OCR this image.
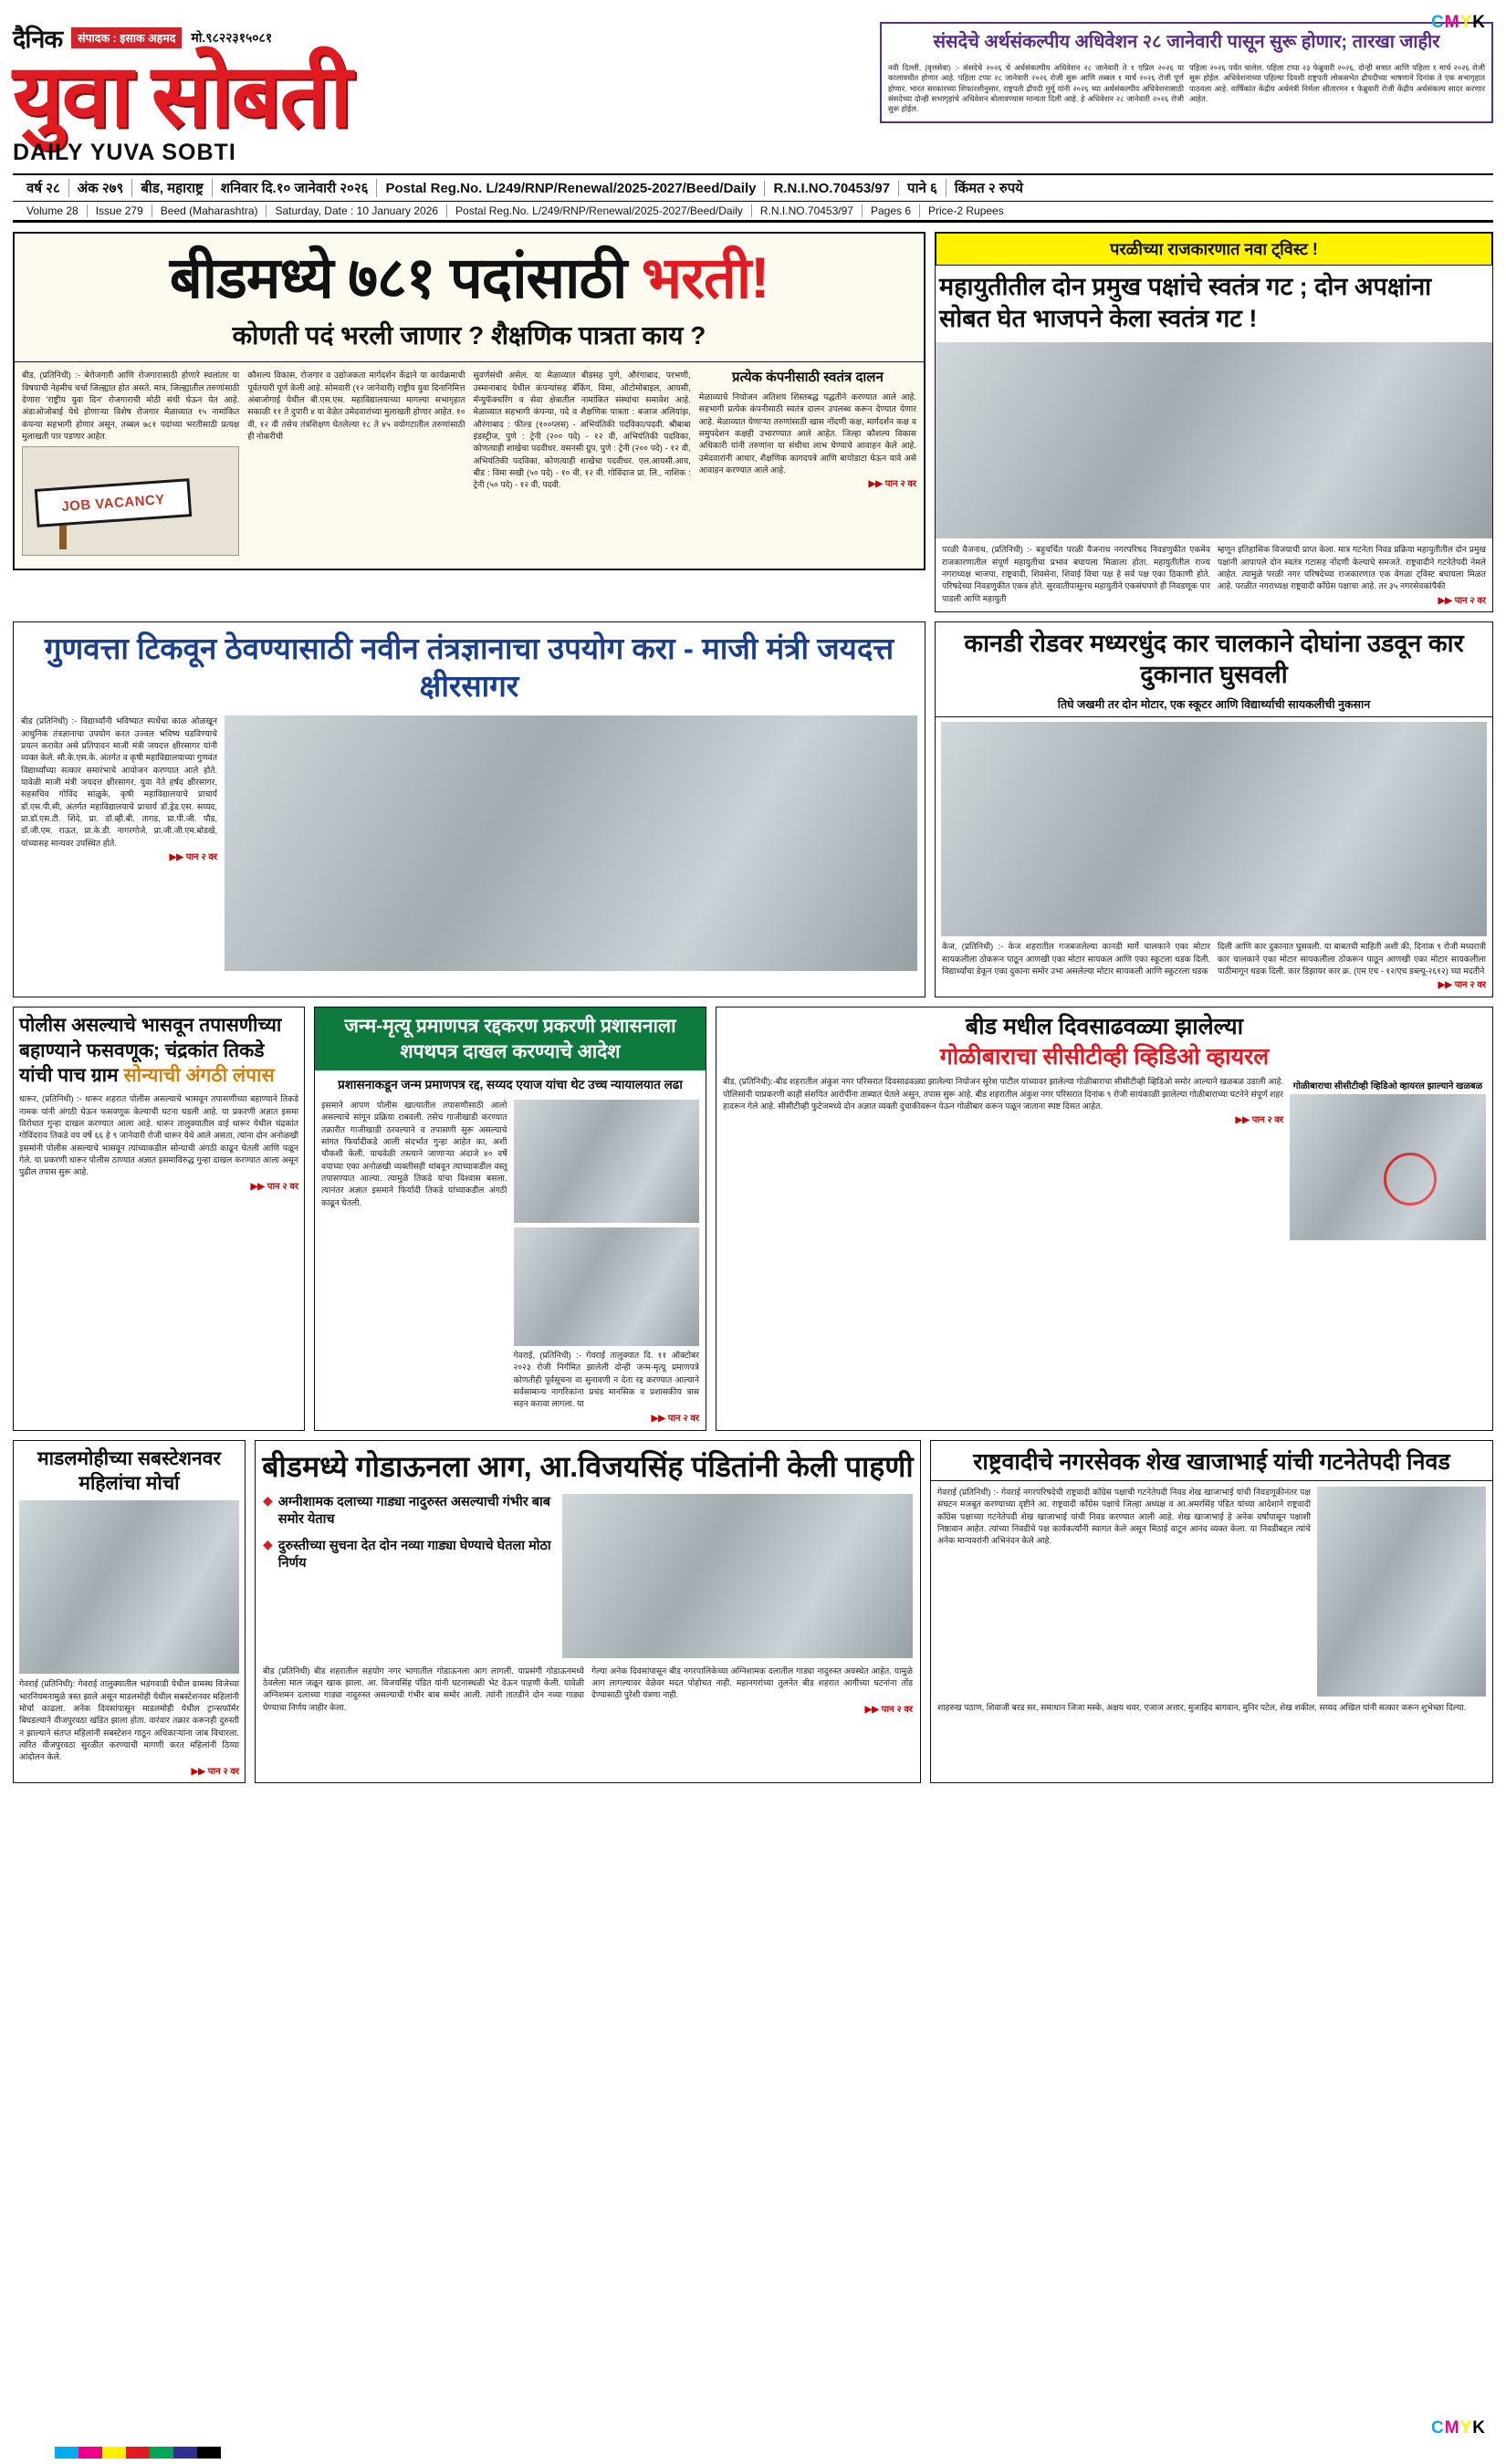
CMYK
दैनिक	संपादक : इसाक अहमद	मो.९८२२३१५०८१
युवा सोबती
DAILY YUVA SOBTI
संसदेचे अर्थसंकल्पीय अधिवेशन २८ जानेवारी पासून सुरू होणार; तारखा जाहीर
नवी दिल्ली, (वृत्तसेवा) :- संसदेचे २०२६ चे अर्थसंकल्पीय अधिवेशन २८ जानेवारी ते १ एप्रिल २०२६ या कालावधीत होणार आहे. पहिला टप्पा २८ जानेवारी २०२६ रोजी सुरू आणि तब्बल १ मार्च २०२६ रोजी पूर्ण होणार. भारत सरकारच्या शिफारशीनुसार, राष्ट्रपती द्रौपदी मुर्मू यांनी २०२६ च्या अर्थसंकल्पीय अधिवेशनासाठी संसदेच्या दोन्ही सभागृहांचे अधिवेशन बोलावण्यास मान्यता दिली आहे. हे अधिवेशन २८ जानेवारी २०२६ रोजी सुरू होईल.
पहिला २०२६ पर्यंत चालेल. पहिला टप्पा २३ फेब्रुवारी २०२६, दोन्ही सत्रात आणि पहिला १ मार्च २०२६ रोजी सुरू होईल. अधिवेशनाच्या पहिल्या दिवशी राष्ट्रपती लोकसभेत द्रौपदीच्या भाषणाने दिनांक ते एक सभागृहात पाठवला आहे. वार्षिकांत केंद्रीय अर्थमंत्री निर्मला सीतारमन १ फेब्रुवारी रोजी केंद्रीय अर्थसंकल्प सादर करणार आहेत.
वर्ष २८	अंक २७९	बीड, महाराष्ट्र	शनिवार दि.१० जानेवारी २०२६	Postal Reg.No. L/249/RNP/Renewal/2025-2027/Beed/Daily	R.N.I.NO.70453/97	पाने ६	किंमत २ रुपये
Volume 28	Issue 279	Beed (Maharashtra)	Saturday, Date : 10 January 2026	Postal Reg.No. L/249/RNP/Renewal/2025-2027/Beed/Daily	R.N.I.NO.70453/97	Pages 6	Price-2 Rupees
बीडमध्ये ७८१ पदांसाठी भरती!
कोणती पदं भरली जाणार ? शैक्षणिक पात्रता काय ?
बीड, (प्रतिनिधी) :- बेरोजगारी आणि रोजगारासाठी होणारे स्थलांतर या विषयाची नेहमीच चर्चा जिल्ह्यात होत असते. मात्र, जिल्ह्यातील तरुणांसाठी देणारा 'राष्ट्रीय युवा दिन' रोजगाराची मोठी संधी घेऊन येत आहे. अंडाओजोबाई येथे होणाऱ्या विशेष रोजगार मेळाव्यात १५ नामांकित कंपन्या सहभागी होणार असून, तब्बल ७८१ पदांच्या भरतीसाठी प्रत्यक्ष मुलाखती पार पडणार आहेत.
JOB VACANCY
कौशल्य विकास, रोजगार व उद्योजकता मार्गदर्शन केंद्राने या कार्यक्रमाची पूर्वतयारी पूर्ण केली आहे. सोमवारी (१२ जानेवारी) राष्ट्रीय युवा दिनानिमित्त अंबाजोगाई येथील बी.एस.एस. महाविद्यालयाच्या मागल्या सभागृहात सकाळी ११ ते दुपारी ४ या वेळेत उमेदवारांच्या मुलाखती होणार आहेत. १० वी, १२ वी तसेच तंत्रशिक्षण घेतलेल्या १८ ते ४५ वयोगटातील तरुणांसाठी ही नोकरीची
सुवर्णसंधी असेल. या मेळाव्यात बीडसह पुणे, औरंगाबाद, परभणी, उस्मानाबाद येथील कंपन्यांसह बँकिंग, विमा, ऑटोमोबाइल, आयसी, मॅन्युफॅक्चरिंग व सेवा क्षेत्रातील नामांकित संस्थांचा समावेश आहे. मेळाव्यात सहभागी कंपन्या, पदे व शैक्षणिक पात्रता : बजाज अलियांझ, औरंगाबाद : फील्ड (१००प्लस) - अभियंतिकी पदविका/पदवी. श्रीबाबा इंडस्ट्रीज, पुणे : ट्रेनी (२०० पदे) - १२ वी, अभियंतिकी पदविका, कोणत्याही शाखेचा पदवीधर. वसनसी ग्रुप, पुणे : ट्रेनी (२०० पदे) - १२ वी, अभियंतिकी पदविका, कोणत्याही शाखेचा पदवीधर. एल.आयसी.आय, बीड : विमा सखी (५० पदे) - १० वी, १२ वी. गोविंदाज प्रा. लि., नाशिक : ट्रेनी (५० पदे) - १२ वी, पदवी.
प्रत्येक कंपनीसाठी स्वतंत्र दालन
मेळाव्याचे नियोजन अतिशय शिस्तबद्ध पद्धतीने करण्यात आले आहे. सहभागी प्रत्येक कंपनीसाठी स्वतंत्र दालन उपलब्ध करून देण्यात येणार आहे. मेळाव्यात येणाऱ्या तरुणांसाठी खास नोंदणी कक्ष, मार्गदर्शन कक्ष व समुपदेशन कक्षही उभारण्यात आले आहेत. जिल्हा कौशल्य विकास अधिकारी यांनी तरुणांना या संधीचा लाभ घेण्याचे आवाहन केले आहे. उमेदवारांनी आधार, शैक्षणिक कागदपत्रे आणि बायोडाटा घेऊन यावे असे आवाहन करण्यात आले आहे.
▶▶ पान २ वर
परळीच्या राजकारणात नवा ट्विस्ट !
महायुतीतील दोन प्रमुख पक्षांचे स्वतंत्र गट ; दोन अपक्षांना सोबत घेत भाजपने केला स्वतंत्र गट !
परळी वैजनाथ, (प्रतिनिधी) :- बहुचर्चित परळी वैजनाथ नगरपरिषद निवडणुकीत एकमेव राजकारणातील संपूर्ण महायुतीचा प्रभाव बघायला मिळाला होता. महायुतीतील राज्य नगराध्यक्ष भाजपा, राष्ट्रवादी, शिवसेना, शिवाई विचा पक्ष हे सर्व पक्ष एका ठिकाणी होते. परिषदेच्या निवडणुकीत एकत्र होते. सुरवातीपासूनच महायुतीने एकसंघपणे ही निवडणूक पार पाडली आणि महायुती
म्हणून इतिहासिक विजयाची प्राप्त केला. मात्र गटनेता निवड प्रक्रिया महायुतीतील दोन प्रमुख पक्षांनी आपापले दोन स्वतंत्र गटासह नोंदणी केल्याचे समजते. राष्ट्रवादीने गटनेतेपदी नेमले आहेत. त्यामुळे परळी नगर परिषदेच्या राजकारणात एक वेगळा ट्विस्ट बघायला मिळत आहे. परळीत नगराध्यक्ष राष्ट्रवादी काँग्रेस पक्षाचा आहे. तर ३५ नगरसेवकांपैकी
▶▶ पान २ वर
गुणवत्ता टिकवून ठेवण्यासाठी नवीन तंत्रज्ञानाचा उपयोग करा - माजी मंत्री जयदत्त क्षीरसागर
बीड (प्रतिनिधी) :- विद्यार्थ्यांनी भविष्यात स्पर्धेचा काळ ओळखून आधुनिक तंत्रज्ञानाचा उपयोग करत उज्वल भविष्य घडविण्याचे प्रयत्न करावेत असे प्रतिपादन माजी मंत्री जयदत्त क्षीरसागर यांनी व्यक्त केले. सौ.के.एस.के. अंतर्गत व कृषी महाविद्यालयाच्या गुणवंत विद्यार्थ्यांच्या सत्कार समारंभाचे आयोजन करण्यात आले होते. यावेळी माजी मंत्री जयदत्त क्षीरसागर, युवा नेते हर्षद क्षीरसागर, सहसचिव गोविंद सांळुके, कृषी महाविद्यालयाचे प्राचार्य डॉ.एस.पी.सी, अंतर्गत महाविद्यालयाचे प्राचार्य डॉ.ड्रेड.एस. सय्यद, प्रा.डॉ.एस.टी. शिंदे, प्रा. डॉ.व्ही.बी. तागड, प्रा.पी.जी. पौड, डॉ.जी.एम. राऊत, प्रा.के.डी. नागरगोजे, प्रा.जी.जी.एम.बोडखे, यांच्यासह मान्यवर उपस्थित होते.
▶▶ पान २ वर
कानडी रोडवर मध्यरधुंद कार चालकाने दोघांना उडवून कार दुकानात घुसवली
तिघे जखमी तर दोन मोटार, एक स्कूटर आणि विद्यार्थ्याची सायकलीची नुकसान
केज, (प्रतिनिधी) :- केज शहरातील गजबजलेल्या कानडी मार्गे चालकाने एका मोटार सायकलीला ठोकरून पाठून आणखी एका मोटार सायकल आणि एका स्कूटला धडक दिली. विद्यार्थ्यांचा डेकून एका दुकाना समोर उभा असलेल्या मोटार सायकली आणि स्कूटरला धडक
दिली आणि कार दुकानात घुसवली. या बाबतची माहिती अशी की, दिनांक ९ रोजी मध्यरात्री कार चालकाने एका मोटार सायकलीला ठोकरून पाठून आणखी एका मोटार सायकलीला पाठीमागून धडक दिली. कार डिझायर कार क्र. (एम एच - १२/एच डब्ल्यू-२६१२) च्या मदतीने
▶▶ पान २ वर
पोलीस असल्याचे भासवून तपासणीच्या बहाण्याने फसवणूक; चंद्रकांत तिकडे यांची पाच ग्राम सोन्याची अंगठी लंपास
धारूर, (प्रतिनिधी) :- धारूर शहरात पोलीस असल्याचे भासवून तपासणीच्या बहाण्याने तिकडे नामक यांनी अंगठी घेऊन फसवणूक केल्याची घटना घडली आहे. या प्रकरणी अज्ञात इसमा विरोधात गुन्हा दाखल करण्यात आला आहे. धारूर तालुक्यातील वाई धारूर येथील चंद्रकांत गोविंदराव तिकडे वय वर्षे ६६ हे ९ जानेवारी रोजी धारूर येथे आले असता, त्यांना दोन अनोळखी इसमांनी पोलीस असल्याचे भासवून त्यांच्याकडील सोन्याची अंगठी काढून घेतली आणि पळून गेले. या प्रकरणी धारूर पोलीस ठाण्यात अज्ञात इसमाविरुद्ध गुन्हा दाखल करण्यात आला असून पुढील तपास सुरू आहे.
▶▶ पान २ वर
जन्म-मृत्यू प्रमाणपत्र रद्दकरण प्रकरणी प्रशासनाला शपथपत्र दाखल करण्याचे आदेश
प्रशासनाकडून जन्म प्रमाणपत्र रद्द, सय्यद एयाज यांचा थेट उच्च न्यायालयात लढा
इसमाने आपण पोलीस खात्यातील तपासणीसाठी आलो असल्याचे सांगून प्रक्रिया राबवली. तसेच गाजीखाडी करण्यात तक्रारीत गाजीखाडी ठरवल्याने व तपासणी सुरू असल्याचे सांगत फिर्यादीकडे आली संदर्भात गुन्हा आहेत का, अशी चौकशी केली. याचवेळी तस्त्याने जाणाऱ्या अंदाजे ४० वर्षे वयाच्या एका अनोळखी व्यक्तीसही थांबवून त्याच्याकडील वस्तू तपासण्यात आल्या. त्यामुळे तिकडे यांचा विश्वास बसला. त्यानंतर अज्ञात इसमाने फिर्यादी तिकडे यांच्याकडील अंगठी काढून घेतली.
गेवराई, (प्रतिनिधी) :- गेवराई तालुक्यात दि. ११ ऑक्टोबर २०२३ रोजी निर्गमित झालेली दोन्ही जन्म-मृत्यू प्रमाणपत्रे कोणतीही पूर्वसूचना वा सुनावणी न देता रद्द करण्यात आल्याने सर्वसामान्य नागरिकांना प्रचंड मानसिक व प्रशासकीय त्रास सहन करावा लागला. या
▶▶ पान २ वर
बीड मधील दिवसाढवळ्या झालेल्या
गोळीबाराचा सीसीटीव्ही व्हिडिओ व्हायरल
बीड, (प्रतिनिधी):-बीड शहरातील अंकुश नगर परिसरात दिवसाढवळ्या झालेल्या नियोजन सुरेश पाटील यांच्यावर झालेल्या गोळीबाराचा सीसीटीव्ही व्हिडिओ समोर आल्याने खळबळ उडाली आहे. पोलिसांनी याप्रकरणी काही संशयित आरोपींना ताब्यात घेतले असून, तपास सुरू आहे. बीड शहरातील अंकुश नगर परिसरात दिनांक ९ रोजी सायंकाळी झालेल्या गोळीबाराच्या घटनेने संपूर्ण शहर हादरून गेले आहे. सीसीटीव्ही फुटेजमध्ये दोन अज्ञात व्यक्ती दुचाकीवरून येऊन गोळीबार करून पळून जाताना स्पष्ट दिसत आहेत.
▶▶ पान २ वर
गोळीबाराचा सीसीटीव्ही व्हिडिओ व्हायरल झाल्याने खळबळ
माडलमोहीच्या सबस्टेशनवर महिलांचा मोर्चा
गेवराई (प्रतिनिधी): गेवराई तालुक्यातील भडंगवाडी येथील ग्रामस्थ विजेच्या भारनियमनामुळे त्रस्त झाले असून माडलमोही येथील सबस्टेशनवर महिलांनी मोर्चा काढला. अनेक दिवसांपासून माडलमोही येथील ट्रान्सफॉर्मर बिघडल्याने वीजपुरवठा खंडित झाला होता. वारंवार तक्रार करूनही दुरुस्ती न झाल्याने संतप्त महिलांनी सबस्टेशन गाठून अधिकाऱ्यांना जाब विचारला. त्वरित वीजपुरवठा सुरळीत करण्याची मागणी करत महिलांनी ठिय्या आंदोलन केले.
▶▶ पान २ वर
बीडमध्ये गोडाऊनला आग, आ.विजयसिंह पंडितांनी केली पाहणी
◆ अग्नीशामक दलाच्या गाड्या नादुरुस्त असल्याची गंभीर बाब समोर येताच

◆ दुरुस्तीच्या सुचना देत दोन नव्या गाड्या घेण्याचे घेतला मोठा निर्णय

बीड (प्रतिनिधी) बीड शहरातील सहयोग नगर भागातील गोडाऊनला आग लागली. याप्रसंगी गोडाऊनमध्ये ठेवलेला माल जळून खाक झाला. आ. विजयसिंह पंडित यांनी घटनास्थळी भेट देऊन पाहणी केली. यावेळी अग्निशमन दलाच्या गाड्या नादुरुस्त असल्याची गंभीर बाब समोर आली. त्यांनी तातडीने दोन नव्या गाड्या घेण्याचा निर्णय जाहीर केला.
गेल्या अनेक दिवसांपासून बीड नगरपालिकेच्या अग्निशामक दलातील गाड्या नादुरुस्त अवस्थेत आहेत. यामुळे आग लागल्यावर वेळेवर मदत पोहोचत नाही. महानगरांच्या तुलनेत बीड शहरात आगीच्या घटनांना तोंड देण्यासाठी पुरेशी यंत्रणा नाही.
▶▶ पान २ वर
राष्ट्रवादीचे नगरसेवक शेख खाजाभाई यांची गटनेतेपदी निवड
गेवराई (प्रतिनिधी) :- गेवराई नगरपरिषदेची राष्ट्रवादी काँग्रेस पक्षाची गटनेतेपदी निवड शेख खाजाभाई यांची निवडणूकीनंतर पक्ष संघटन मजबूत करण्याच्या दृष्टीने आ. राष्ट्रवादी काँग्रेस पक्षाचे जिल्हा अध्यक्ष व आ.अमरसिंह पंडित यांच्या आदेशाने राष्ट्रवादी काँग्रेस पक्षाच्या गटनेतेपदी शेख खाजाभाई यांची निवड करण्यात आली आहे. शेख खाजाभाई हे अनेक वर्षांपासून पक्षाशी निष्ठावान आहेत. त्यांच्या निवडीचे पक्ष कार्यकर्त्यांनी स्वागत केले असून मिठाई वाटून आनंद व्यक्त केला. या निवडीबद्दल त्यांचे अनेक मान्यवरांनी अभिनंदन केले आहे.
शाहरुख पठाण, शिवाजी बरड सर, समाधान जिजा मस्के, अक्षय थवर, एजाज अत्तार, मुजाहिद बागवान, मुनिर पटेल, शेख शकील, सय्यद अखिल यांनी सत्कार करून शुभेच्छा दिल्या.
CMYK
